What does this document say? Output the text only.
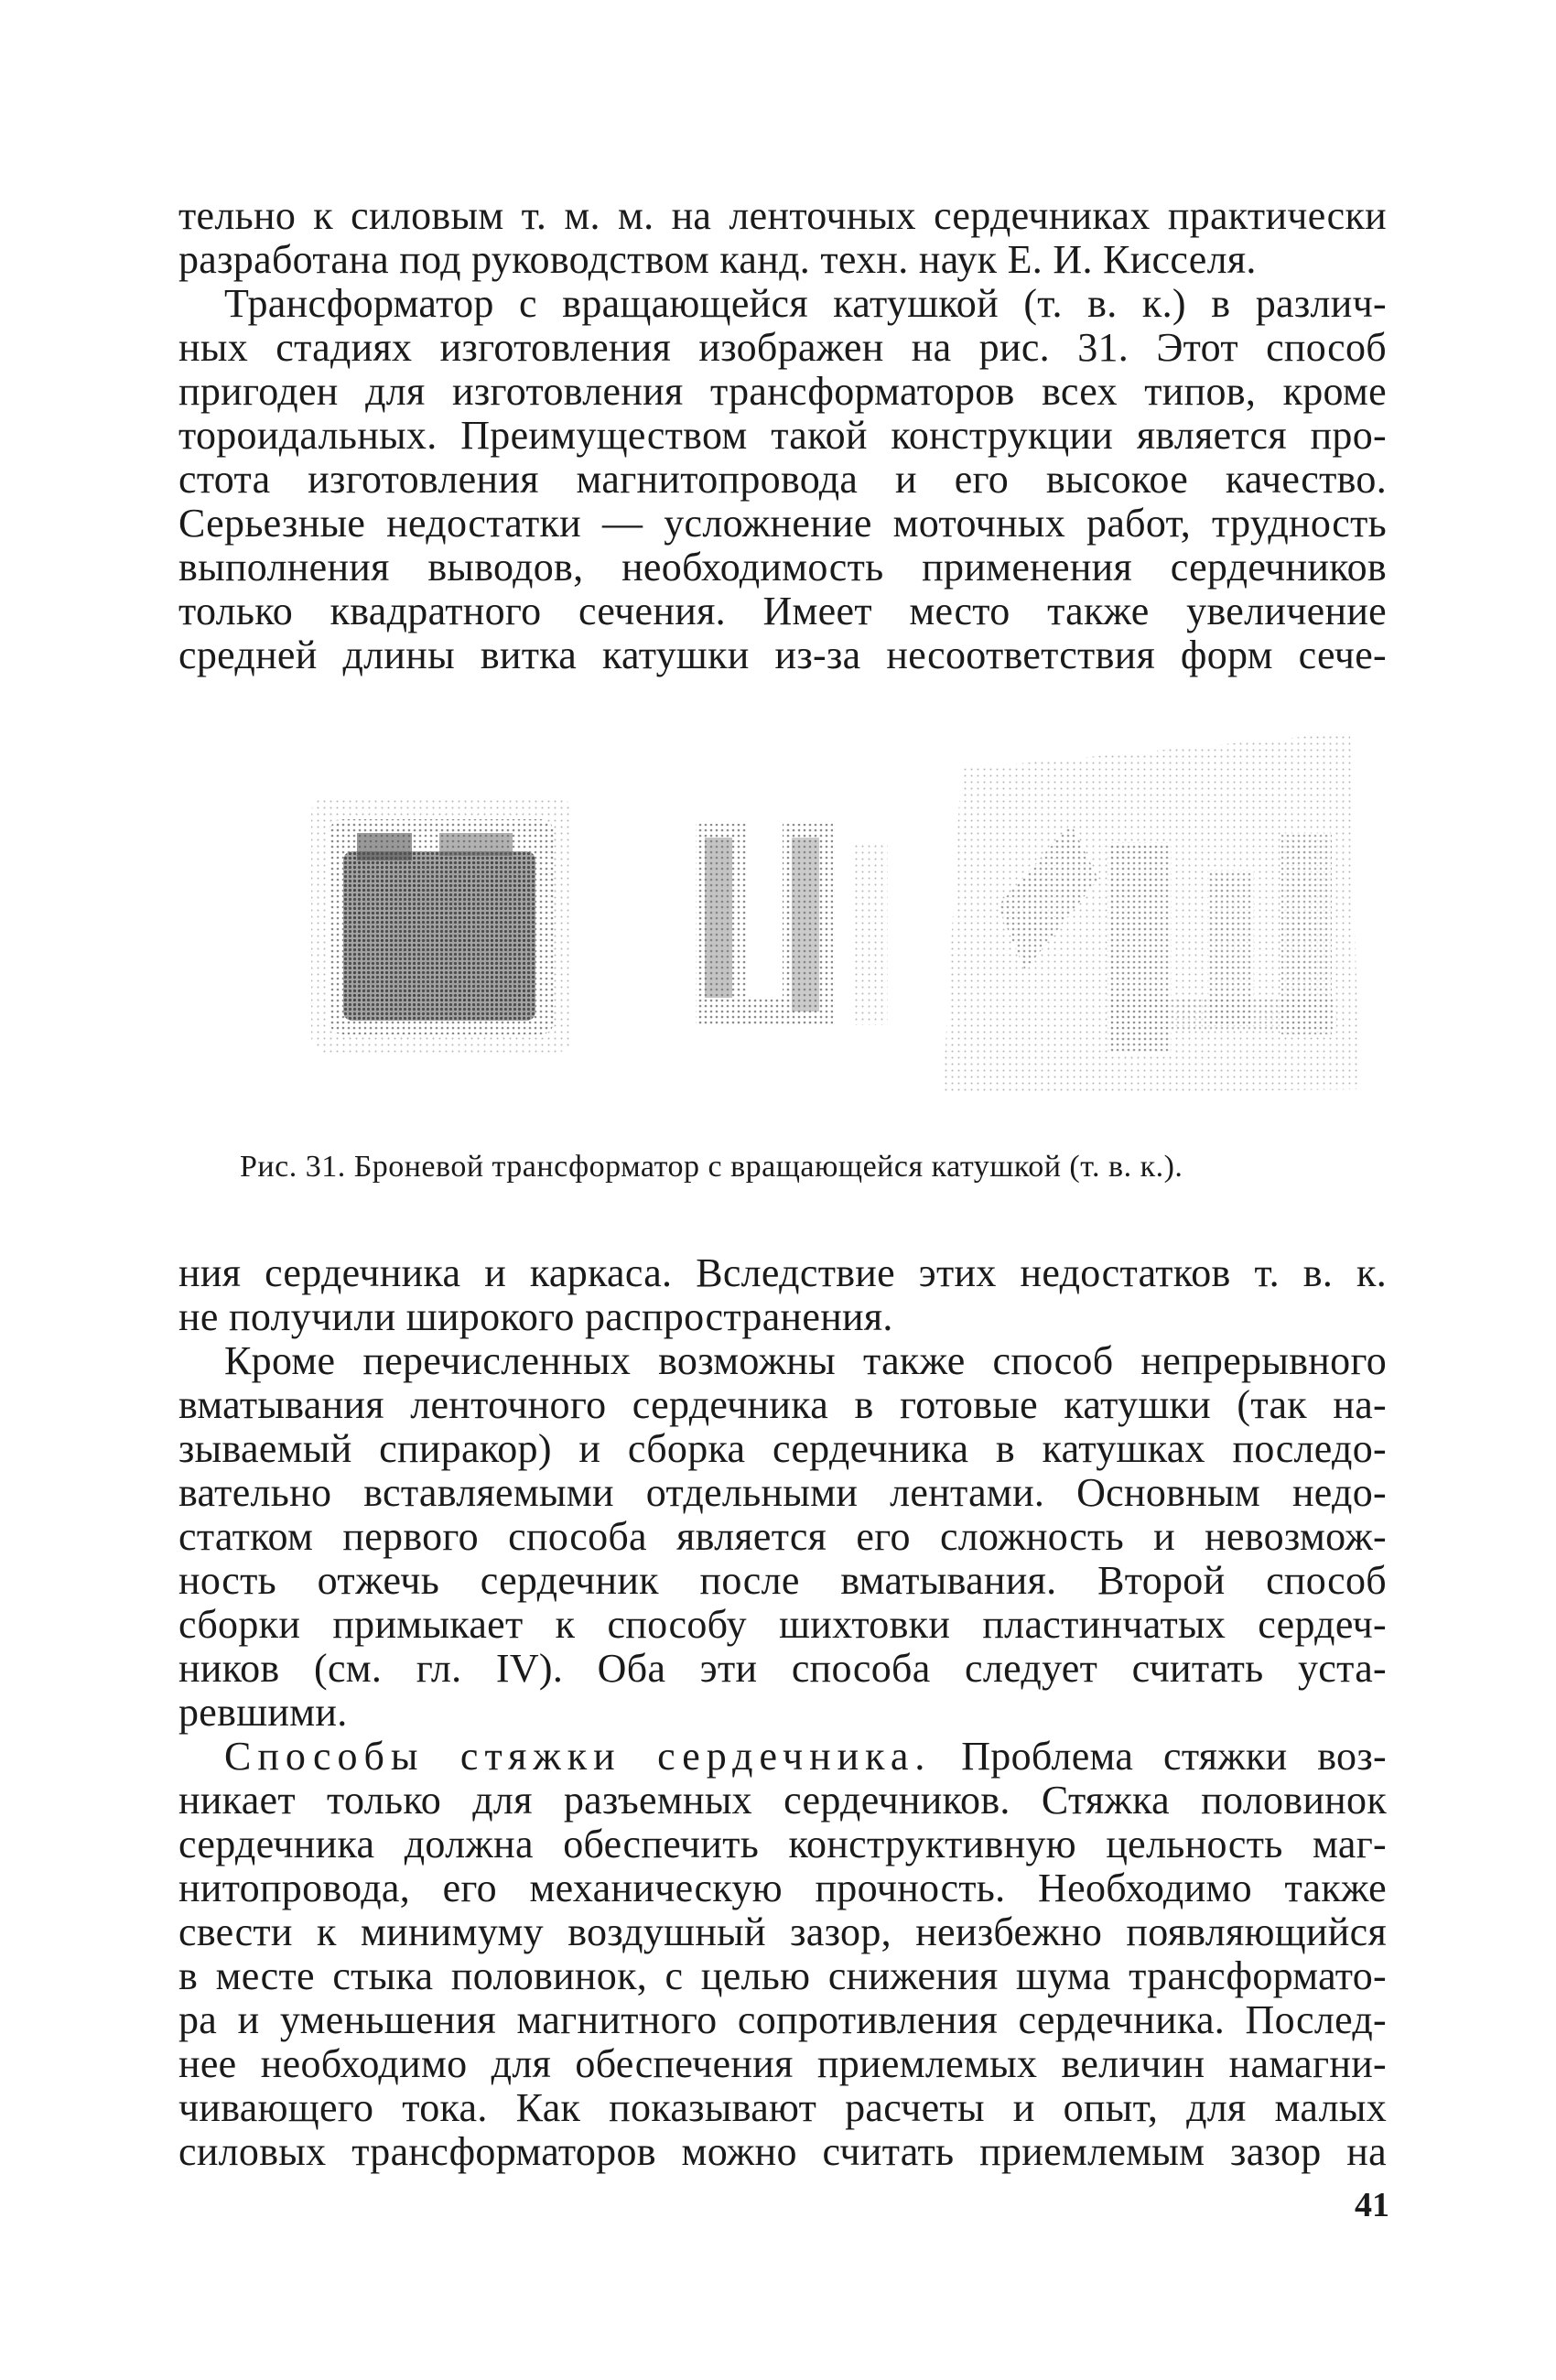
тельно к силовым т. м. м. на ленточных сердечниках практически
разработана под руководством канд. техн. наук Е. И. Кисселя.
Трансформатор с вращающейся катушкой (т. в. к.) в различ-
ных стадиях изготовления изображен на рис. 31. Этот способ
пригоден для изготовления трансформаторов всех типов, кроме
тороидальных. Преимуществом такой конструкции является про-
стота изготовления магнитопровода и его высокое качество.
Серьезные недостатки — усложнение моточных работ, трудность
выполнения выводов, необходимость применения сердечников
только квадратного сечения. Имеет место также увеличение
средней длины витка катушки из-за несоответствия форм сече-
Рис. 31. Броневой трансформатор с вращающейся катушкой (т. в. к.).
ния сердечника и каркаса. Вследствие этих недостатков т. в. к.
не получили широкого распространения.
Кроме перечисленных возможны также способ непрерывного
вматывания ленточного сердечника в готовые катушки (так на-
зываемый спиракор) и сборка сердечника в катушках последо-
вательно вставляемыми отдельными лентами. Основным недо-
статком первого способа является его сложность и невозмож-
ность отжечь сердечник после вматывания. Второй способ
сборки примыкает к способу шихтовки пластинчатых сердеч-
ников (см. гл. IV). Оба эти способа следует считать уста-
ревшими.
Способы стяжки сердечника. Проблема стяжки воз-
никает только для разъемных сердечников. Стяжка половинок
сердечника должна обеспечить конструктивную цельность маг-
нитопровода, его механическую прочность. Необходимо также
свести к минимуму воздушный зазор, неизбежно появляющийся
в месте стыка половинок, с целью снижения шума трансформато-
ра и уменьшения магнитного сопротивления сердечника. Послед-
нее необходимо для обеспечения приемлемых величин намагни-
чивающего тока. Как показывают расчеты и опыт, для малых
силовых трансформаторов можно считать приемлемым зазор на
41
